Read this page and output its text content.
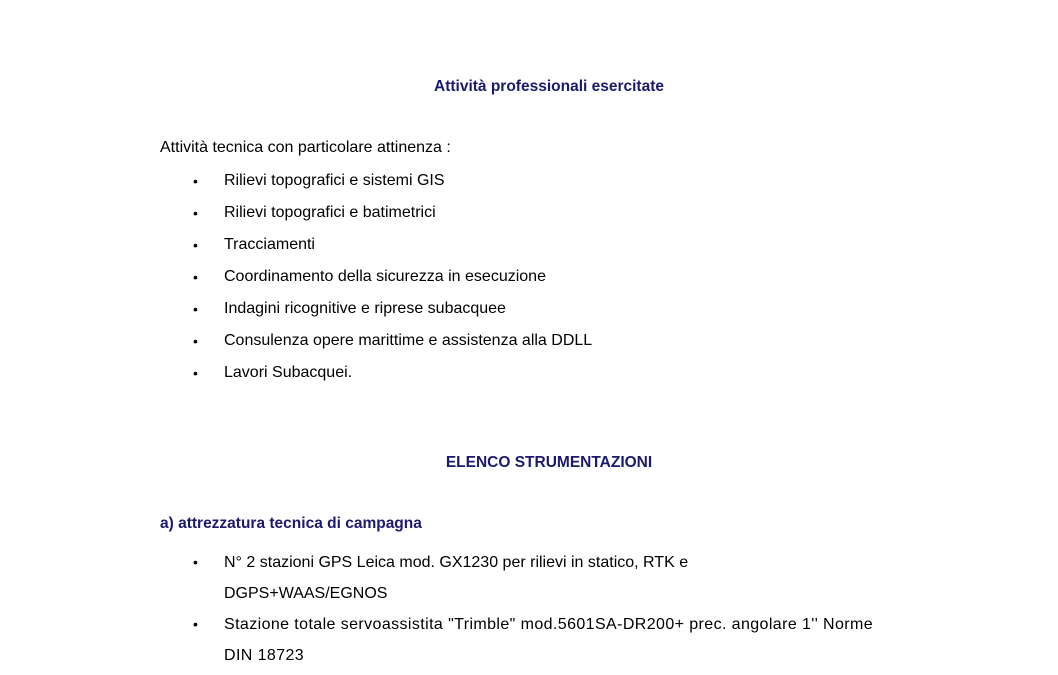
Attività professionali esercitate
Attività tecnica con particolare attinenza :
• Rilievi topografici e sistemi GIS
• Rilievi topografici e batimetrici
• Tracciamenti
• Coordinamento della sicurezza in esecuzione
• Indagini ricognitive e riprese subacquee
• Consulenza opere marittime e assistenza alla DDLL
• Lavori Subacquei.
ELENCO STRUMENTAZIONI
a) attrezzatura tecnica di campagna
• N° 2 stazioni GPS Leica mod. GX1230 per rilievi in statico, RTK e
DGPS+WAAS/EGNOS
• Stazione totale servoassistita "Trimble" mod.5601SA-DR200+ prec. angolare 1'' Norme
DIN 18723
